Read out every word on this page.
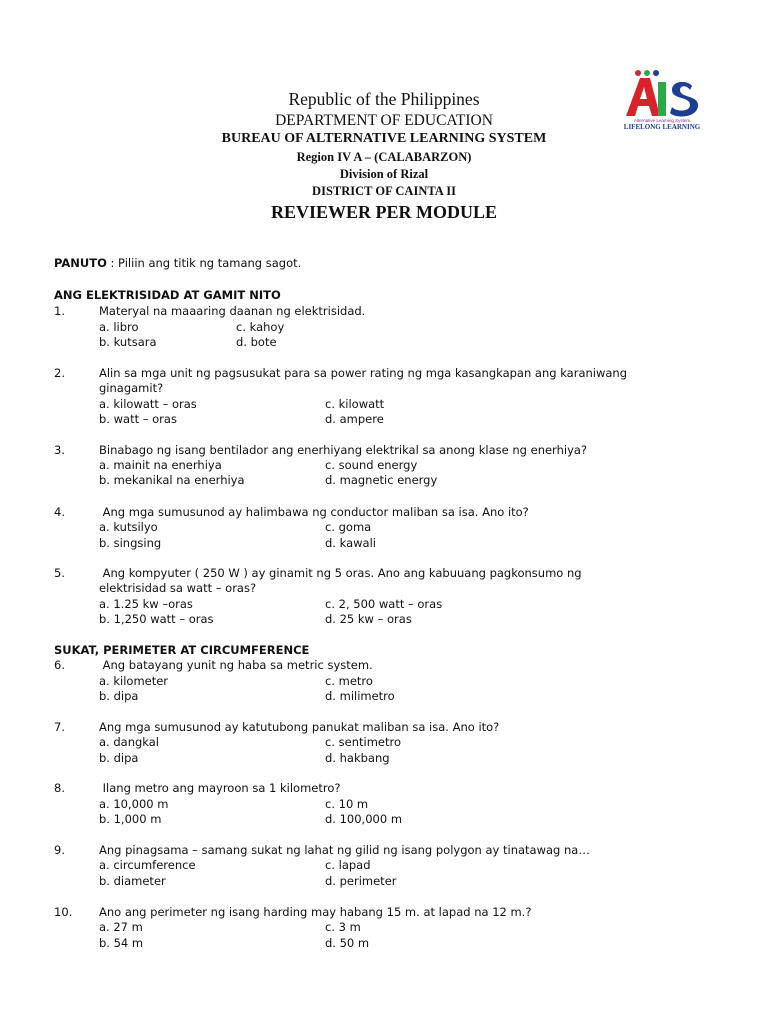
Republic of the Philippines
DEPARTMENT OF EDUCATION
BUREAU OF ALTERNATIVE LEARNING SYSTEM
Region IV A – (CALABARZON)
Division of Rizal
DISTRICT OF CAINTA II
REVIEWER PER MODULE
Alternative Learning System
LIFELONG LEARNING
PANUTO : Piliin ang titik ng tamang sagot.
ANG ELEKTRISIDAD AT GAMIT NITO
1.	Materyal na maaaring daanan ng elektrisidad.
a. libro	c. kahoy
b. kutsara	d. bote
2.	Alin sa mga unit ng pagsusukat para sa power rating ng mga kasangkapan ang karaniwang
ginagamit?
a. kilowatt – oras	c. kilowatt
b. watt – oras	d. ampere
3.	Binabago ng isang bentilador ang enerhiyang elektrikal sa anong klase ng enerhiya?
a. mainit na enerhiya	c. sound energy
b. mekanikal na enerhiya	d. magnetic energy
4.	Ang mga sumusunod ay halimbawa ng conductor maliban sa isa. Ano ito?
a. kutsilyo	c. goma
b. singsing	d. kawali
5.	Ang kompyuter ( 250 W ) ay ginamit ng 5 oras. Ano ang kabuuang pagkonsumo ng
elektrisidad sa watt – oras?
a. 1.25 kw –oras	c. 2, 500 watt – oras
b. 1,250 watt – oras	d. 25 kw – oras
SUKAT, PERIMETER AT CIRCUMFERENCE
6.	Ang batayang yunit ng haba sa metric system.
a. kilometer	c. metro
b. dipa	d. milimetro
7.	Ang mga sumusunod ay katutubong panukat maliban sa isa. Ano ito?
a. dangkal	c. sentimetro
b. dipa	d. hakbang
8.	Ilang metro ang mayroon sa 1 kilometro?
a. 10,000 m	c. 10 m
b. 1,000 m	d. 100,000 m
9.	Ang pinagsama – samang sukat ng lahat ng gilid ng isang polygon ay tinatawag na…
a. circumference	c. lapad
b. diameter	d. perimeter
10. Ano ang perimeter ng isang harding may habang 15 m. at lapad na 12 m.?
a. 27 m	c. 3 m
b. 54 m	d. 50 m
